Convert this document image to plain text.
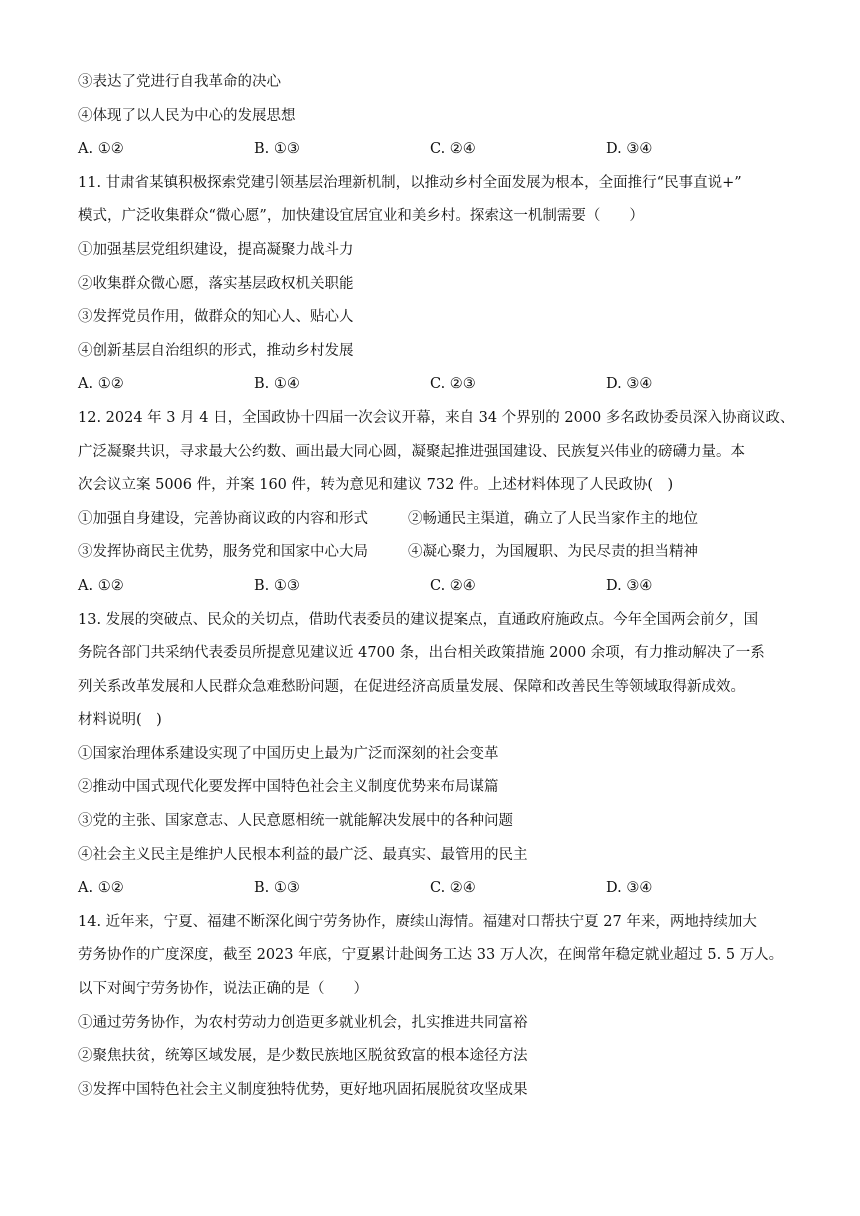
③表达了党进行自我革命的决心
④体现了以人民为中心的发展思想
A. ①②	B. ①③	C. ②④	D. ③④
11. 甘肃省某镇积极探索党建引领基层治理新机制，以推动乡村全面发展为根本，全面推行“民事直说+”
模式，广泛收集群众“微心愿”，加快建设宜居宜业和美乡村。探索这一机制需要（　　）
①加强基层党组织建设，提高凝聚力战斗力
②收集群众微心愿，落实基层政权机关职能
③发挥党员作用，做群众的知心人、贴心人
④创新基层自治组织的形式，推动乡村发展
A. ①②	B. ①④	C. ②③	D. ③④
12. 2024 年 3 月 4 日，全国政协十四届一次会议开幕，来自 34 个界别的 2000 多名政协委员深入协商议政、
广泛凝聚共识，寻求最大公约数、画出最大同心圆，凝聚起推进强国建设、民族复兴伟业的磅礴力量。本
次会议立案 5006 件，并案 160 件，转为意见和建议 732 件。上述材料体现了人民政协(　)
①加强自身建设，完善协商议政的内容和形式	②畅通民主渠道，确立了人民当家作主的地位
③发挥协商民主优势，服务党和国家中心大局	④凝心聚力，为国履职、为民尽责的担当精神
A. ①②	B. ①③	C. ②④	D. ③④
13. 发展的突破点、民众的关切点，借助代表委员的建议提案点，直通政府施政点。今年全国两会前夕，国
务院各部门共采纳代表委员所提意见建议近 4700 条，出台相关政策措施 2000 余项，有力推动解决了一系
列关系改革发展和人民群众急难愁盼问题，在促进经济高质量发展、保障和改善民生等领域取得新成效。
材料说明(　)
①国家治理体系建设实现了中国历史上最为广泛而深刻的社会变革
②推动中国式现代化要发挥中国特色社会主义制度优势来布局谋篇
③党的主张、国家意志、人民意愿相统一就能解决发展中的各种问题
④社会主义民主是维护人民根本利益的最广泛、最真实、最管用的民主
A. ①②	B. ①③	C. ②④	D. ③④
14. 近年来，宁夏、福建不断深化闽宁劳务协作，赓续山海情。福建对口帮扶宁夏 27 年来，两地持续加大
劳务协作的广度深度，截至 2023 年底，宁夏累计赴闽务工达 33 万人次，在闽常年稳定就业超过 5. 5 万人。
以下对闽宁劳务协作，说法正确的是（　　）
①通过劳务协作，为农村劳动力创造更多就业机会，扎实推进共同富裕
②聚焦扶贫，统筹区域发展，是少数民族地区脱贫致富的根本途径方法
③发挥中国特色社会主义制度独特优势，更好地巩固拓展脱贫攻坚成果
